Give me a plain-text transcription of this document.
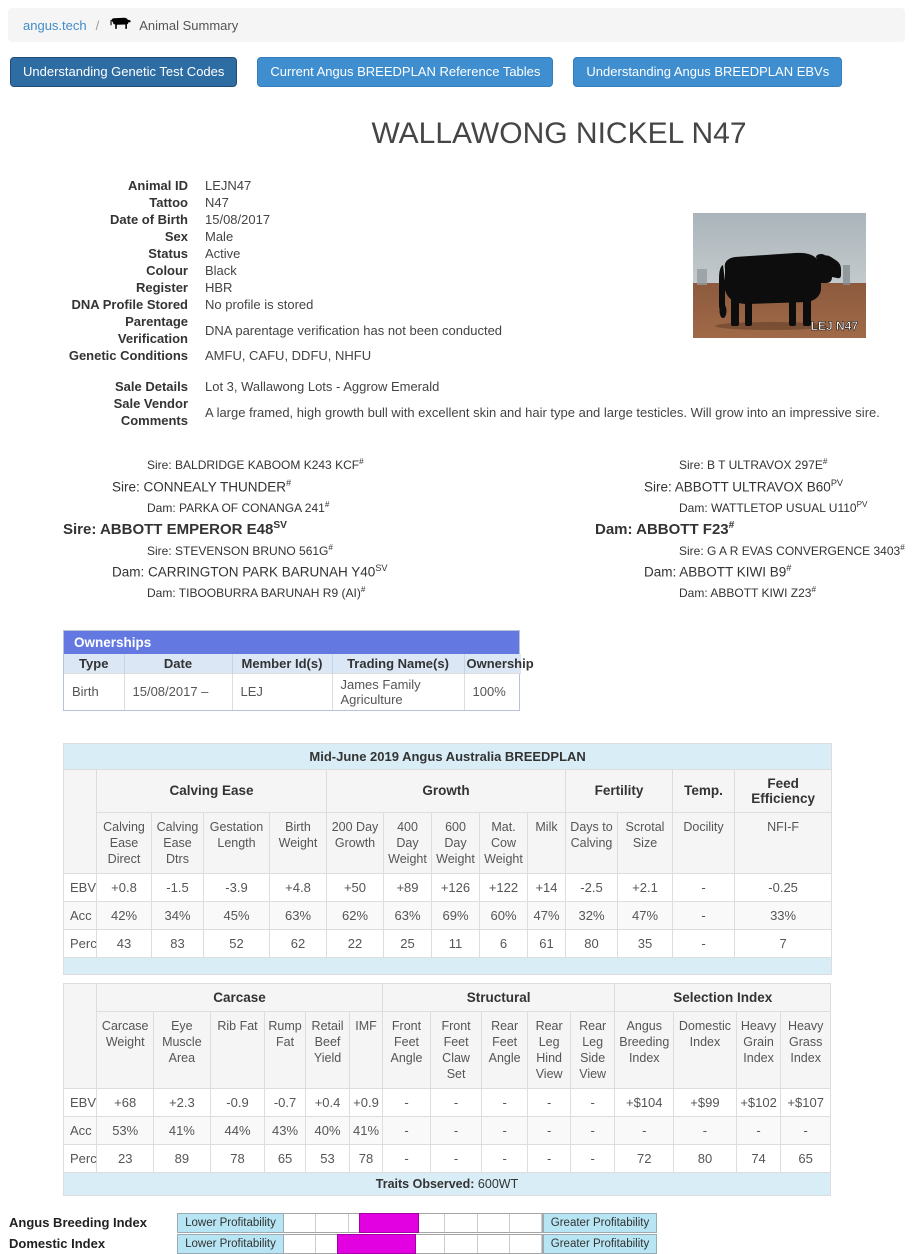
angus.tech /	Animal Summary
Understanding Genetic Test Codes	Current Angus BREEDPLAN Reference Tables	Understanding Angus BREEDPLAN EBVs
WALLAWONG NICKEL N47
Animal ID LEJN47
Tattoo N47
Date of Birth 15/08/2017
Sex Male
Status Active
Colour Black
Register HBR
DNA Profile Stored No profile is stored
Parentage Verification
DNA parentage verification has not been conducted
Genetic Conditions AMFU, CAFU, DDFU, NHFU
Sale Details Lot 3, Wallawong Lots - Aggrow Emerald
Sale Vendor Comments
A large framed, high growth bull with excellent skin and hair type and large testicles. Will grow into an impressive sire.
LEJ N47
Sire: BALDRIDGE KABOOM K243 KCF#
Sire: CONNEALY THUNDER#
Dam: PARKA OF CONANGA 241#
Sire: ABBOTT EMPEROR $E48^{SV}$
Sire: STEVENSON BRUNO 561G#
Dam: CARRINGTON PARK BARUNAH $Y40^{SV}$
Dam: TIBOOBURRA BARUNAH R9 (AI)#
Sire: B T ULTRAVOX 297E#
Sire: ABBOTT ULTRAVOX $B60^{PV}$
Dam: WATTLETOP USUAL $U110^{PV}$
Dam: ABBOTT F23#
Sire: G A R EVAS CONVERGENCE 3403#
Dam: ABBOTT KIWI B9#
Dam: ABBOTT KIWI Z23#
Ownerships
Type	Date	Member Id(s)	Trading Name(s)	Ownership
Birth	15/08/2017 –	LEJ	James Family Agriculture	100%
Mid-June 2019 Angus Australia BREEDPLAN													
	Calving Ease				Growth					Fertility		Temp.	Feed Efficiency
	Calving Ease Direct	Calving Ease Dtrs	Gestation Length	Birth Weight	200 Day Growth	400 Day Weight	600 Day Weight	Mat. Cow Weight	Milk	Days to Calving	Scrotal Size	Docility	NFI-F
EBV	+0.8	-1.5	-3.9	+4.8	+50	+89	+126	+122	+14	-2.5	+2.1	-	-0.25
Acc	42%	34%	45%	63%	62%	63%	69%	60%	47%	32%	47%	-	33%
Perc	43	83	52	62	22	25	11	6	61	80	35	-	7

	Carcase						Structural					Selection Index			
	Carcase Weight	Eye Muscle Area	Rib Fat	Rump Fat	Retail Beef Yield	IMF	Front Feet Angle	Front Feet Claw Set	Rear Feet Angle	Rear Leg Hind View	Rear Leg Side View	Angus Breeding Index	Domestic Index	Heavy Grain Index	Heavy Grass Index
EBV	+68	+2.3	-0.9	-0.7	+0.4	+0.9	-	-	-	-	-	+$104	+$99	+$102	+$107
Acc	53%	41%	44%	43%	40%	41%	-	-	-	-	-	-	-	-	-
Perc	23	89	78	65	53	78	-	-	-	-	-	72	80	74	65
Traits Observed: 600WT															
Angus Breeding Index	Lower Profitability	Greater Profitability
Domestic Index	Lower Profitability	Greater Profitability
